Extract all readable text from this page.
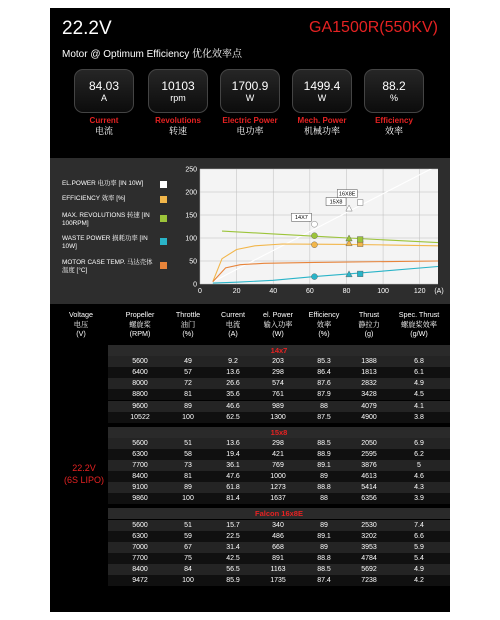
22.2V	GA1500R(550KV)
Motor @ Optimum Efficiency 优化效率点
84.03
A
Current
电流
10103
rpm
Revolutions
转速
1700.9
W
Electric Power
电功率
1499.4
W
Mech. Power
机械功率
88.2
%
Efficiency
效率
EL.POWER 电功率 [IN 10W]
EFFICIENCY 效率 [%]
MAX. REVOLUTIONS 转速 [IN 100RPM]
WASTE POWER 损耗功率 [IN 10W]
MOTOR CASE TEMP. 马达壳体温度 [°C]
0	20	40	60	80	100	120
0
50
100
150
200
250
(A)
14X7
15X8
16X8E
Voltage
电压
(V)
Propeller
螺旋桨
(RPM)
Throttle
油门
(%)
Current
电流
(A)
el. Power
输入功率
(W)
Efficiency
效率
(%)
Thrust
静拉力
(g)
Spec. Thrust
螺旋桨效率
(g/W)
22.2V
(6S LIPO)
14x7
5600	49	9.2	203	85.3	1388	6.8
6400	57	13.6	298	86.4	1813	6.1
8000	72	26.6	574	87.6	2832	4.9
8800	81	35.6	761	87.9	3428	4.5
9600	89	46.6	989	88	4079	4.1
10522	100	62.5	1300	87.5	4900	3.8
15x8
5600	51	13.6	298	88.5	2050	6.9
6300	58	19.4	421	88.9	2595	6.2
7700	73	36.1	769	89.1	3876	5
8400	81	47.6	1000	89	4613	4.6
9100	89	61.8	1273	88.8	5414	4.3
9860	100	81.4	1637	88	6356	3.9
Falcon 16x8E
5600	51	15.7	340	89	2530	7.4
6300	59	22.5	486	89.1	3202	6.6
7000	67	31.4	668	89	3953	5.9
7700	75	42.5	891	88.8	4784	5.4
8400	84	56.5	1163	88.5	5692	4.9
9472	100	85.9	1735	87.4	7238	4.2
